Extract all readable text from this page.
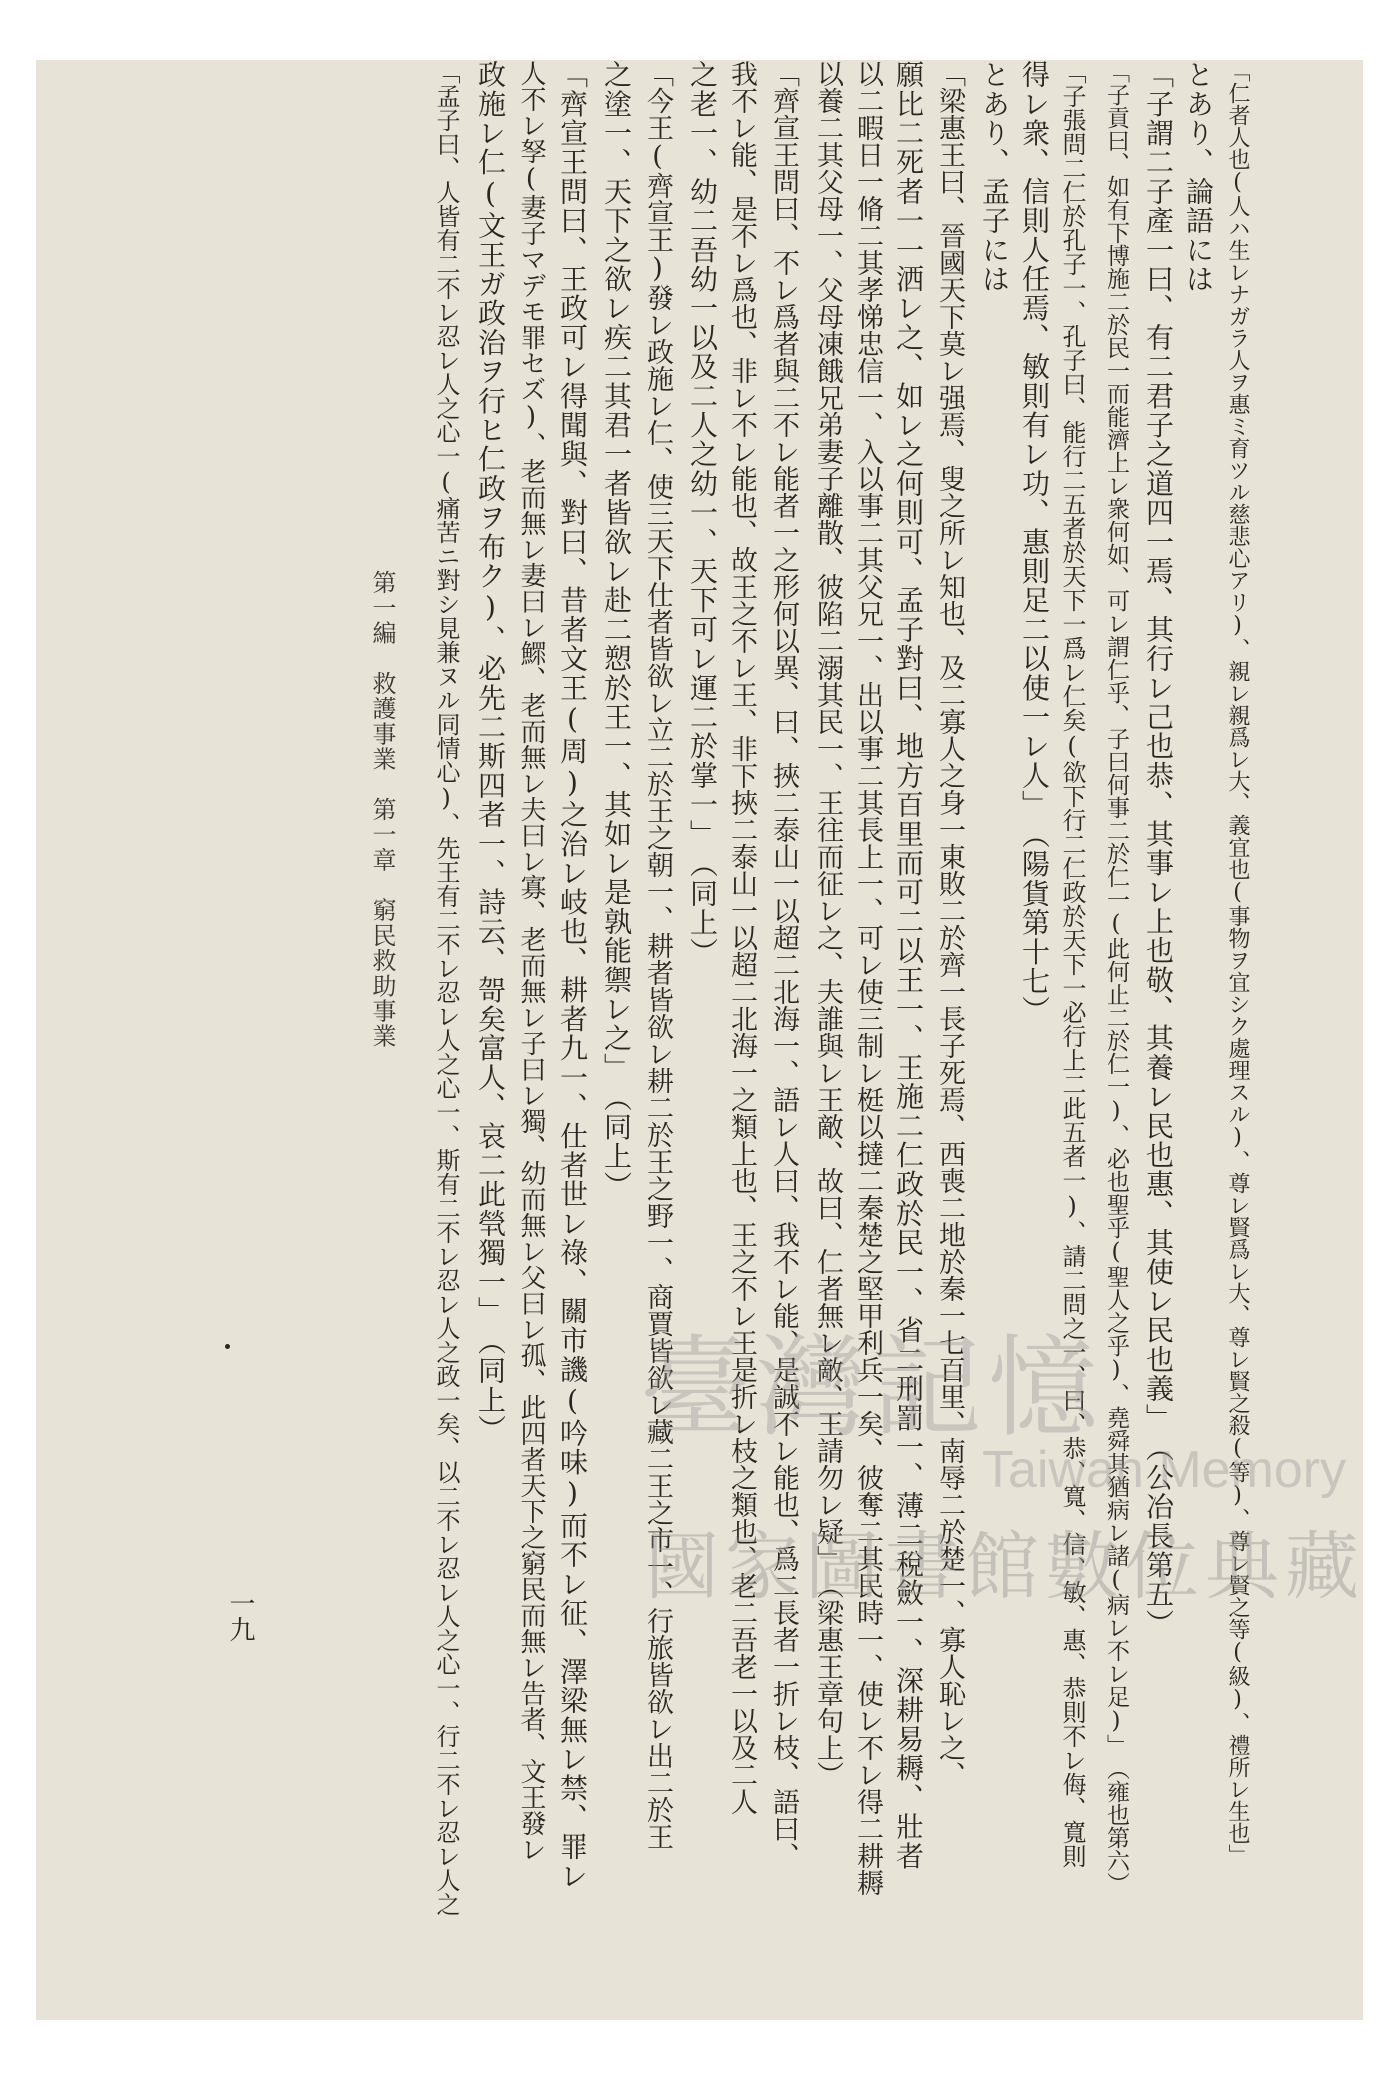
「仁者人也(人ハ生レナガラ人ヲ惠ミ育ツル慈悲心アリ)、親レ親爲レ大、義宜也(事物ヲ宜シク處理スル)、尊レ賢爲レ大、尊レ賢之殺(等)、尊レ賢之等(級)、禮所レ生也」
とあり、論語には
「子謂二子產一曰、有二君子之道四一焉、其行レ己也恭、其事レ上也敬、其養レ民也惠、其使レ民也義」　（公冶長第五）
「子貢曰、如有下博施二於民一而能濟上レ衆何如、可レ謂仁乎、子曰何事二於仁一(此何止二於仁一)、必也聖乎(聖人之乎)、堯舜其猶病レ諸(病レ不レ足)」　（雍也第六）
「子張問二仁於孔子一、孔子曰、能行二五者於天下一爲レ仁矣(欲下行二仁政於天下一必行上二此五者一)、請二問之一、曰、恭、寬、信、敏、惠、恭則不レ侮、寬則
得レ衆、信則人任焉、敏則有レ功、惠則足二以使一レ人」　（陽貨第十七）
とあり、孟子には
「梁惠王曰、晉國天下莫レ强焉、叟之所レ知也、及二寡人之身一東敗二於齊一長子死焉、西喪二地於秦一七百里、南辱二於楚一、寡人恥レ之、
願比二死者一一洒レ之、如レ之何則可、孟子對曰、地方百里而可二以王一、王施二仁政於民一、省二刑罰一、薄二稅斂一、深耕易耨、壯者
以二暇日一脩二其孝悌忠信一、入以事二其父兄一、出以事二其長上一、可レ使三制レ梃以撻二秦楚之堅甲利兵一矣、彼奪二其民時一、使レ不レ得二耕耨
以養二其父母一、父母凍餓兄弟妻子離散、彼陷二溺其民一、王往而征レ之、夫誰與レ王敵、故曰、仁者無レ敵、王請勿レ疑」　（梁惠王章句上）
「齊宣王問曰、不レ爲者與二不レ能者一之形何以異、曰、挾二泰山一以超二北海一、語レ人曰、我不レ能、是誠不レ能也、爲二長者一折レ枝、語曰、
我不レ能、是不レ爲也、非レ不レ能也、故王之不レ王、非下挾二泰山一以超二北海一之類上也、王之不レ王是折レ枝之類也、老二吾老一以及二人
之老一、幼二吾幼一以及二人之幼一、天下可レ運二於掌一」　（同上）
「今王(齊宣王)發レ政施レ仁、使三天下仕者皆欲レ立二於王之朝一、耕者皆欲レ耕二於王之野一、商賈皆欲レ藏二王之市一、行旅皆欲レ出二於王
之塗一、天下之欲レ疾二其君一者皆欲レ赴二愬於王一、其如レ是孰能禦レ之」　（同上）
「齊宣王問曰、王政可レ得聞與、對曰、昔者文王(周)之治レ岐也、耕者九一、仕者世レ祿、關市譏(吟味)而不レ征、澤梁無レ禁、罪レ
人不レ孥(妻子マデモ罪セズ)、老而無レ妻曰レ鰥、老而無レ夫曰レ寡、老而無レ子曰レ獨、幼而無レ父曰レ孤、此四者天下之窮民而無レ告者、文王發レ
政施レ仁(文王ガ政治ヲ行ヒ仁政ヲ布ク)、必先二斯四者一、詩云、哿矣富人、哀二此煢獨一」　（同上）
「孟子曰、人皆有二不レ忍レ人之心一(痛苦ニ對シ見兼ヌル同情心)、先王有二不レ忍レ人之心一、斯有二不レ忍レ人之政一矣、以二不レ忍レ人之心一、行二不レ忍レ人之
第一編　救護事業　第一章　窮民救助事業
一九
臺灣記憶
Taiwan Memory
國家圖書館數位典藏
